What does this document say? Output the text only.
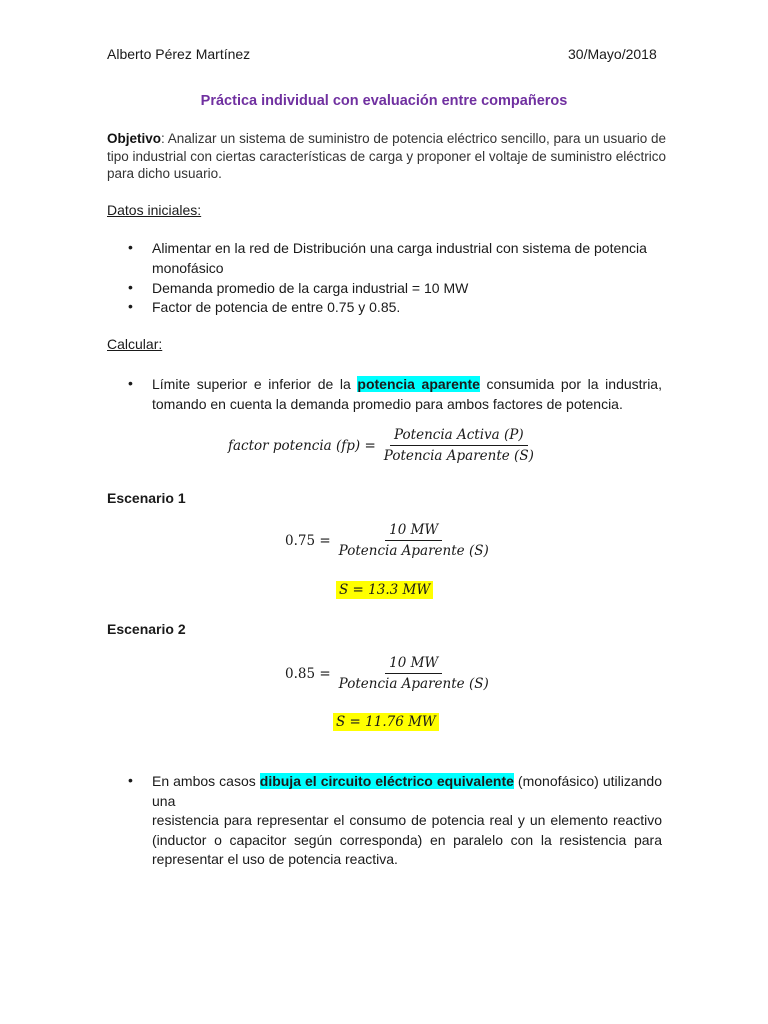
Alberto Pérez Martínez	30/Mayo/2018
Práctica individual con evaluación entre compañeros
Objetivo: Analizar un sistema de suministro de potencia eléctrico sencillo, para un usuario de
tipo industrial con ciertas características de carga y proponer el voltaje de suministro eléctrico
para dicho usuario.
Datos iniciales:
• Alimentar en la red de Distribución una carga industrial con sistema de potencia
monofásico
• Demanda promedio de la carga industrial = 10 MW
• Factor de potencia de entre 0.75 y 0.85.
Calcular:
• Límite superior e inferior de la potencia aparente consumida por la industria,
tomando en cuenta la demanda promedio para ambos factores de potencia.
factor potencia $(fp) = \frac{\text{Potencia Activa (P)}}{\text{Potencia Aparente (S)}}$
Escenario 1
$0.75 = \frac{10 MW}{\text{Potencia Aparente (S)}}$
S = 13.3 MW
Escenario 2
$0.85 = \frac{10 MW}{\text{Potencia Aparente (S)}}$
S = 11.76 MW
• En ambos casos dibuja el circuito eléctrico equivalente (monofásico) utilizando una
resistencia para representar el consumo de potencia real y un elemento reactivo
(inductor o capacitor según corresponda) en paralelo con la resistencia para
representar el uso de potencia reactiva.
